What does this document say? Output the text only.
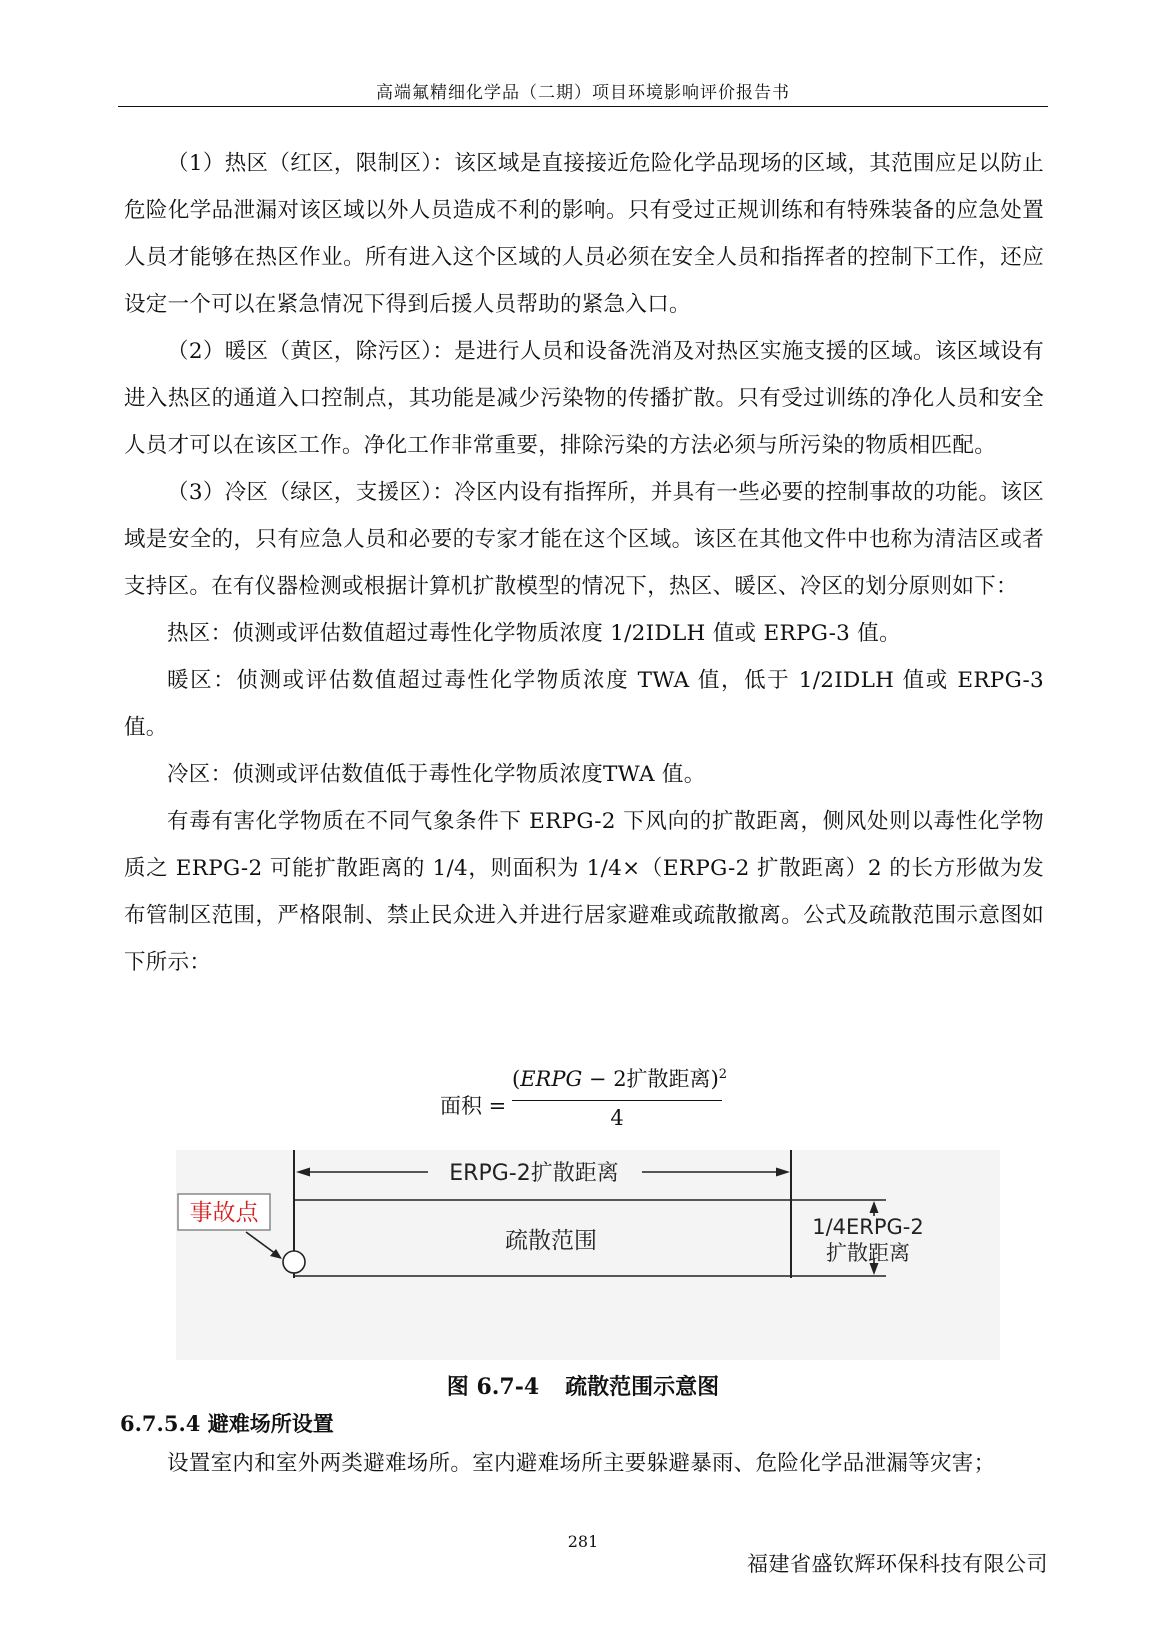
高端氟精细化学品（二期）项目环境影响评价报告书

（1）热区（红区，限制区）：该区域是直接接近危险化学品现场的区域，其范围应足以防止危险化学品泄漏对该区域以外人员造成不利的影响。只有受过正规训练和有特殊装备的应急处置人员才能够在热区作业。所有进入这个区域的人员必须在安全人员和指挥者的控制下工作，还应设定一个可以在紧急情况下得到后援人员帮助的紧急入口。

（2）暖区（黄区，除污区）：是进行人员和设备洗消及对热区实施支援的区域。该区域设有进入热区的通道入口控制点，其功能是减少污染物的传播扩散。只有受过训练的净化人员和安全人员才可以在该区工作。净化工作非常重要，排除污染的方法必须与所污染的物质相匹配。

（3）冷区（绿区，支援区）：冷区内设有指挥所，并具有一些必要的控制事故的功能。该区域是安全的，只有应急人员和必要的专家才能在这个区域。该区在其他文件中也称为清洁区或者支持区。在有仪器检测或根据计算机扩散模型的情况下，热区、暖区、冷区的划分原则如下：

热区：侦测或评估数值超过毒性化学物质浓度 1/2IDLH 值或 ERPG-3 值。

暖区：侦测或评估数值超过毒性化学物质浓度 TWA 值，低于 1/2IDLH 值或 ERPG-3 值。

冷区：侦测或评估数值低于毒性化学物质浓度TWA 值。

有毒有害化学物质在不同气象条件下 ERPG-2 下风向的扩散距离，侧风处则以毒性化学物质之 ERPG-2 可能扩散距离的 1/4，则面积为 1/4×（ERPG-2 扩散距离）2 的长方形做为发布管制区范围，严格限制、禁止民众进入并进行居家避难或疏散撤离。公式及疏散范围示意图如下所示：

面积 =
(ERPG − 2扩散距离)$^2$
4
ERPG-2扩散距离
疏散范围
事故点
1/4ERPG-2
扩散距离
图 6.7-4 疏散范围示意图
6.7.5.4 避难场所设置

设置室内和室外两类避难场所。室内避难场所主要躲避暴雨、危险化学品泄漏等灾害；

281
福建省盛钦辉环保科技有限公司
